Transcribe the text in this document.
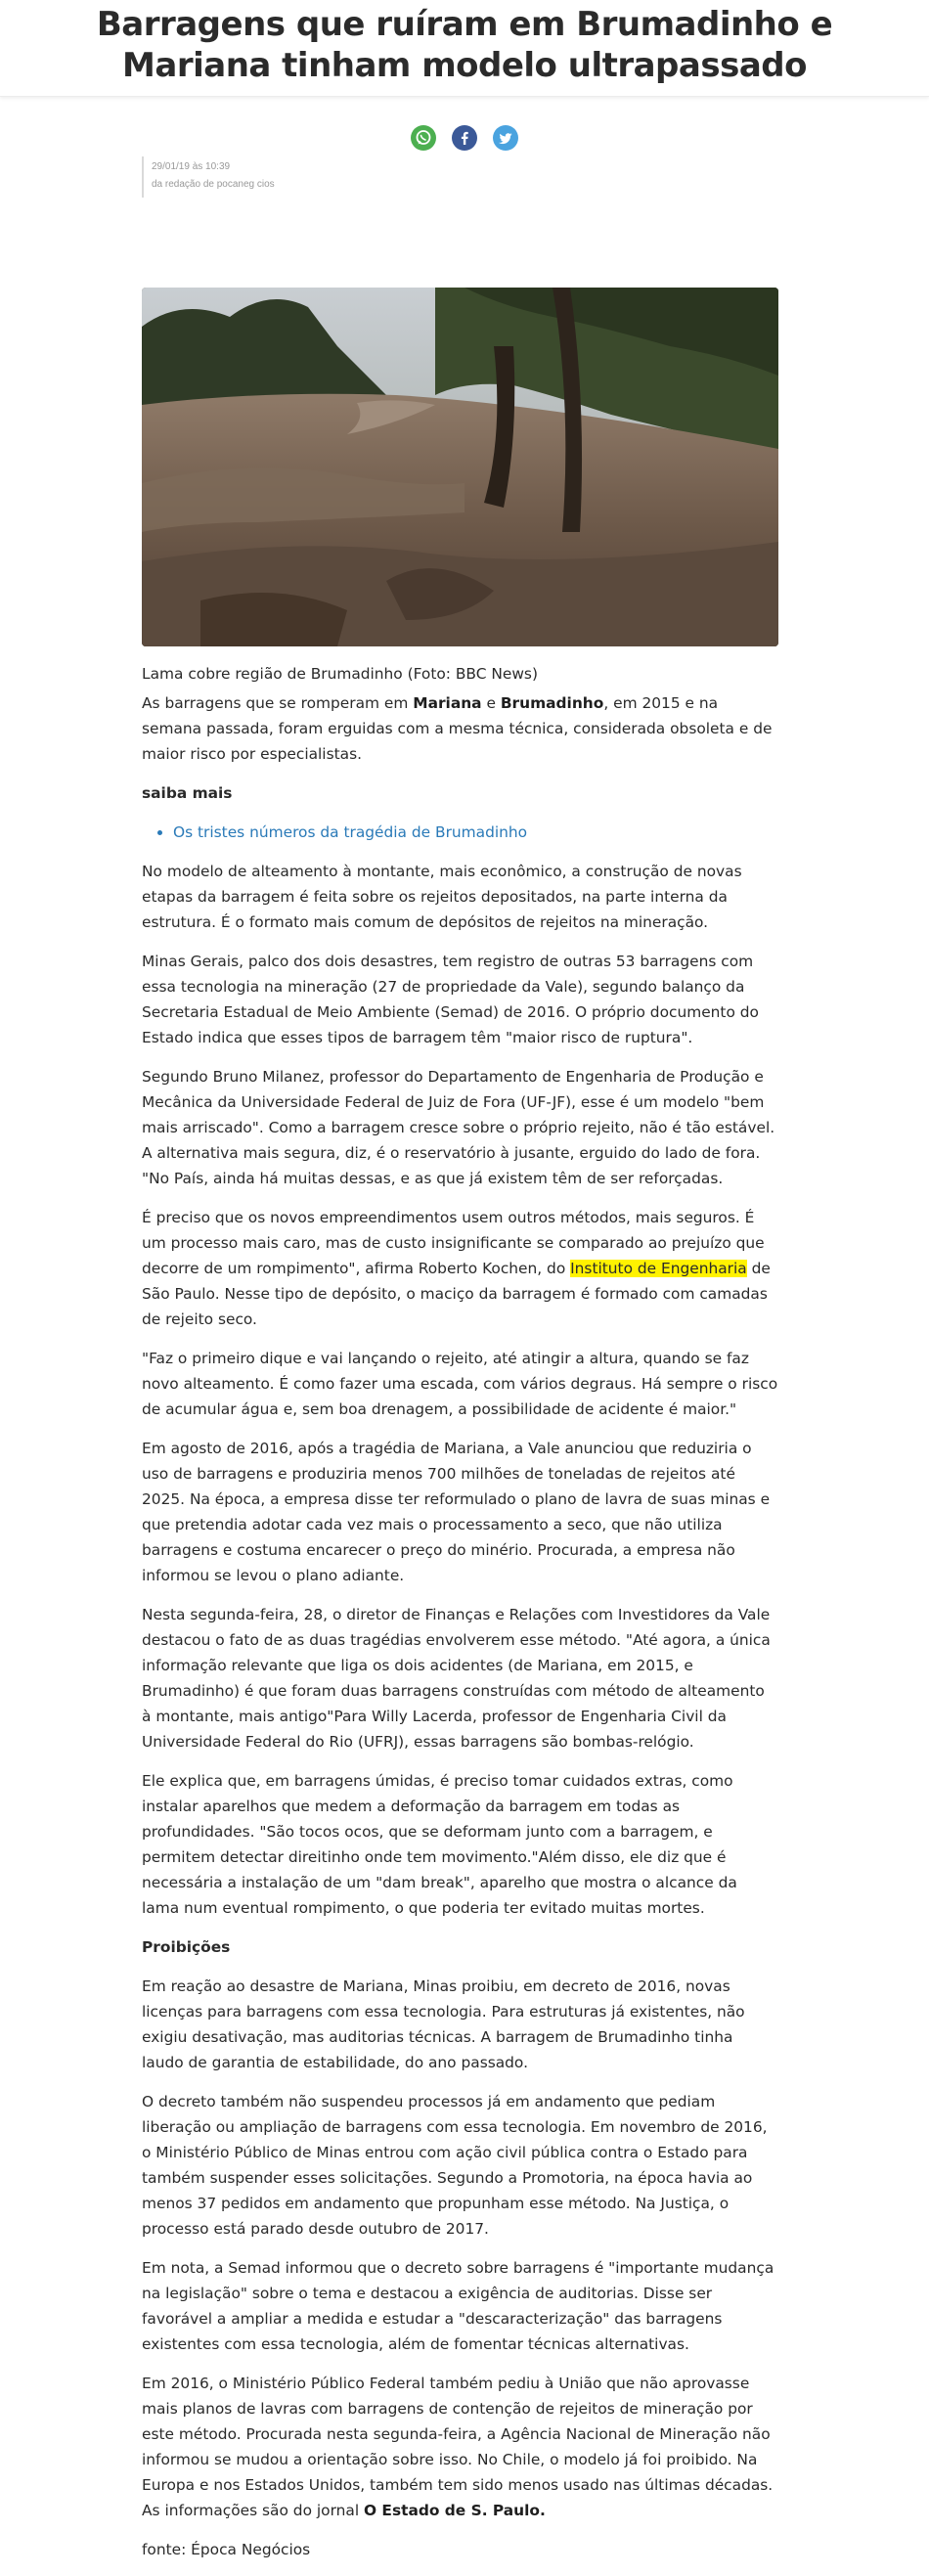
Barragens que ruíram em Brumadinho e Mariana tinham modelo ultrapassado

29/01/19 às 10:39
da redação de pocaneg cios

Lama cobre região de Brumadinho (Foto: BBC News)

As barragens que se romperam em Mariana e Brumadinho, em 2015 e na semana passada, foram erguidas com a mesma técnica, considerada obsoleta e de maior risco por especialistas.

saiba mais

• Os tristes números da tragédia de Brumadinho

No modelo de alteamento à montante, mais econômico, a construção de novas etapas da barragem é feita sobre os rejeitos depositados, na parte interna da estrutura. É o formato mais comum de depósitos de rejeitos na mineração.

Minas Gerais, palco dos dois desastres, tem registro de outras 53 barragens com essa tecnologia na mineração (27 de propriedade da Vale), segundo balanço da Secretaria Estadual de Meio Ambiente (Semad) de 2016. O próprio documento do Estado indica que esses tipos de barragem têm "maior risco de ruptura".

Segundo Bruno Milanez, professor do Departamento de Engenharia de Produção e Mecânica da Universidade Federal de Juiz de Fora (UF-JF), esse é um modelo "bem mais arriscado". Como a barragem cresce sobre o próprio rejeito, não é tão estável. A alternativa mais segura, diz, é o reservatório à jusante, erguido do lado de fora. "No País, ainda há muitas dessas, e as que já existem têm de ser reforçadas.

É preciso que os novos empreendimentos usem outros métodos, mais seguros. É um processo mais caro, mas de custo insignificante se comparado ao prejuízo que decorre de um rompimento", afirma Roberto Kochen, do Instituto de Engenharia de São Paulo. Nesse tipo de depósito, o maciço da barragem é formado com camadas de rejeito seco.

"Faz o primeiro dique e vai lançando o rejeito, até atingir a altura, quando se faz novo alteamento. É como fazer uma escada, com vários degraus. Há sempre o risco de acumular água e, sem boa drenagem, a possibilidade de acidente é maior."

Em agosto de 2016, após a tragédia de Mariana, a Vale anunciou que reduziria o uso de barragens e produziria menos 700 milhões de toneladas de rejeitos até 2025. Na época, a empresa disse ter reformulado o plano de lavra de suas minas e que pretendia adotar cada vez mais o processamento a seco, que não utiliza barragens e costuma encarecer o preço do minério. Procurada, a empresa não informou se levou o plano adiante.

Nesta segunda-feira, 28, o diretor de Finanças e Relações com Investidores da Vale destacou o fato de as duas tragédias envolverem esse método. "Até agora, a única informação relevante que liga os dois acidentes (de Mariana, em 2015, e Brumadinho) é que foram duas barragens construídas com método de alteamento à montante, mais antigo"Para Willy Lacerda, professor de Engenharia Civil da Universidade Federal do Rio (UFRJ), essas barragens são bombas-relógio.

Ele explica que, em barragens úmidas, é preciso tomar cuidados extras, como instalar aparelhos que medem a deformação da barragem em todas as profundidades. "São tocos ocos, que se deformam junto com a barragem, e permitem detectar direitinho onde tem movimento."Além disso, ele diz que é necessária a instalação de um "dam break", aparelho que mostra o alcance da lama num eventual rompimento, o que poderia ter evitado muitas mortes.

Proibições

Em reação ao desastre de Mariana, Minas proibiu, em decreto de 2016, novas licenças para barragens com essa tecnologia. Para estruturas já existentes, não exigiu desativação, mas auditorias técnicas. A barragem de Brumadinho tinha laudo de garantia de estabilidade, do ano passado.

O decreto também não suspendeu processos já em andamento que pediam liberação ou ampliação de barragens com essa tecnologia. Em novembro de 2016, o Ministério Público de Minas entrou com ação civil pública contra o Estado para também suspender esses solicitações. Segundo a Promotoria, na época havia ao menos 37 pedidos em andamento que propunham esse método. Na Justiça, o processo está parado desde outubro de 2017.

Em nota, a Semad informou que o decreto sobre barragens é "importante mudança na legislação" sobre o tema e destacou a exigência de auditorias. Disse ser favorável a ampliar a medida e estudar a "descaracterização" das barragens existentes com essa tecnologia, além de fomentar técnicas alternativas.

Em 2016, o Ministério Público Federal também pediu à União que não aprovasse mais planos de lavras com barragens de contenção de rejeitos de mineração por este método. Procurada nesta segunda-feira, a Agência Nacional de Mineração não informou se mudou a orientação sobre isso. No Chile, o modelo já foi proibido. Na Europa e nos Estados Unidos, também tem sido menos usado nas últimas décadas. As informações são do jornal O Estado de S. Paulo.

fonte: Época Negócios
